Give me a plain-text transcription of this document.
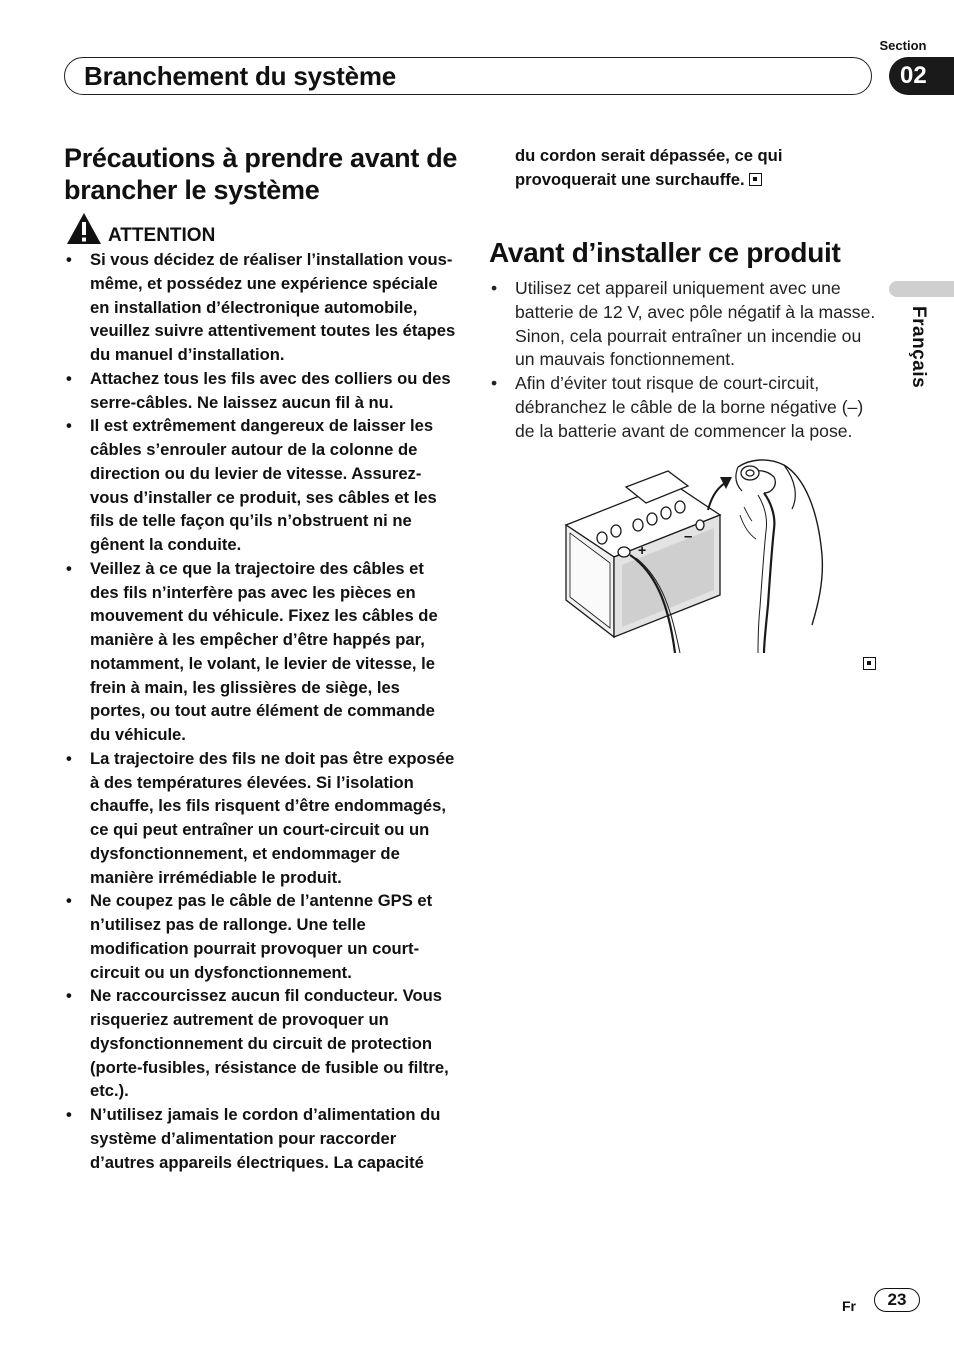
Section
Branchement du système	02
Français
Précautions à prendre avant de brancher le système
ATTENTION
• Si vous décidez de réaliser l’installation vous-même, et possédez une expérience spéciale en installation d’électronique automobile, veuillez suivre attentivement toutes les étapes du manuel d’installation.
• Attachez tous les fils avec des colliers ou des serre-câbles. Ne laissez aucun fil à nu.
• Il est extrêmement dangereux de laisser les câbles s’enrouler autour de la colonne de direction ou du levier de vitesse. Assurez-vous d’installer ce produit, ses câbles et les fils de telle façon qu’ils n’obstruent ni ne gênent la conduite.
• Veillez à ce que la trajectoire des câbles et des fils n’interfère pas avec les pièces en mouvement du véhicule. Fixez les câbles de manière à les empêcher d’être happés par, notamment, le volant, le levier de vitesse, le frein à main, les glissières de siège, les portes, ou tout autre élément de commande du véhicule.
• La trajectoire des fils ne doit pas être exposée à des températures élevées. Si l’isolation chauffe, les fils risquent d’être endommagés, ce qui peut entraîner un court-circuit ou un dysfonctionnement, et endommager de manière irrémédiable le produit.
• Ne coupez pas le câble de l’antenne GPS et n’utilisez pas de rallonge. Une telle modification pourrait provoquer un court-circuit ou un dysfonctionnement.
• Ne raccourcissez aucun fil conducteur. Vous risqueriez autrement de provoquer un dysfonctionnement du circuit de protection (porte-fusibles, résistance de fusible ou filtre, etc.).
• N’utilisez jamais le cordon d’alimentation du système d’alimentation pour raccorder d’autres appareils électriques. La capacité
du cordon serait dépassée, ce qui provoquerait une surchauffe.
Avant d’installer ce produit
• Utilisez cet appareil uniquement avec une batterie de 12 V, avec pôle négatif à la masse. Sinon, cela pourrait entraîner un incendie ou un mauvais fonctionnement.
• Afin d’éviter tout risque de court-circuit, débranchez le câble de la borne négative (–) de la batterie avant de commencer la pose.
+
–
Fr	23
